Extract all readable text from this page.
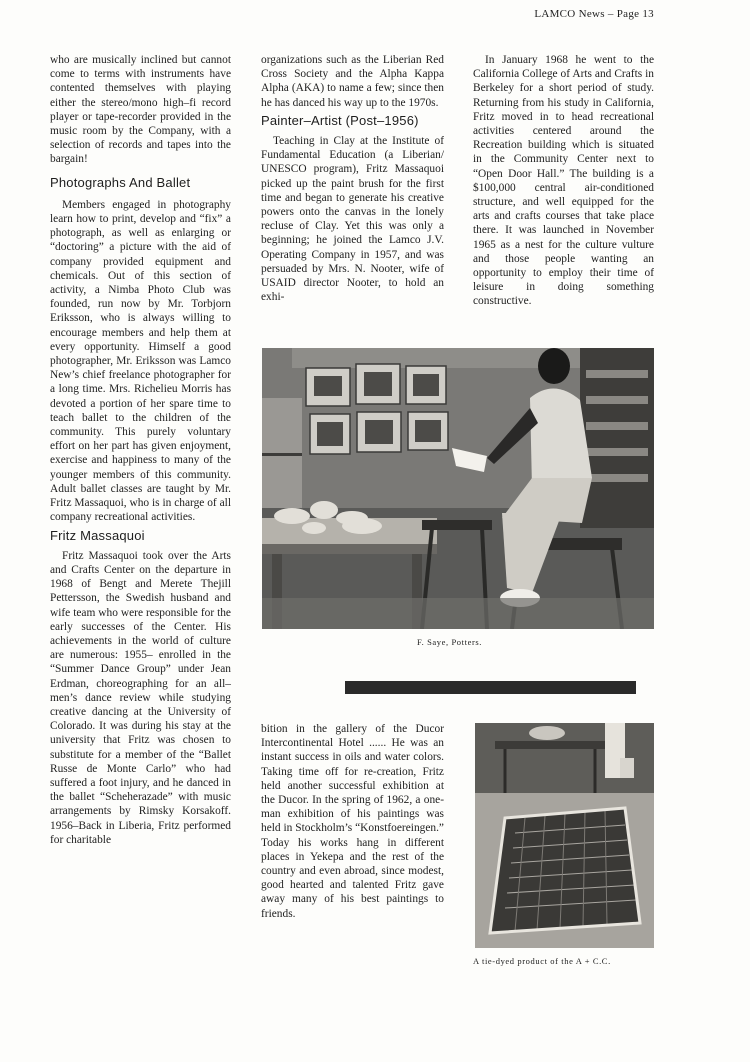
LAMCO News – Page 13

who are musically inclined but cannot come to terms with instruments have contented themselves with playing either the stereo/mono high–fi record player or tape-recorder provided in the music room by the Company, with a selection of records and tapes into the bargain!

Photographs And Ballet

Members engaged in photography learn how to print, develop and “fix” a photograph, as well as enlarging or “doctoring” a picture with the aid of company provided equipment and chemicals. Out of this section of activity, a Nimba Photo Club was founded, run now by Mr. Torbjorn Eriksson, who is always willing to encourage members and help them at every opportunity. Himself a good photographer, Mr. Eriksson was Lamco New’s chief freelance photographer for a long time. Mrs. Richelieu Morris has devoted a portion of her spare time to teach ballet to the children of the community. This purely voluntary effort on her part has given enjoyment, exercise and happiness to many of the younger members of this community. Adult ballet classes are taught by Mr. Fritz Massaquoi, who is in charge of all company recreational activities.

Fritz Massaquoi

Fritz Massaquoi took over the Arts and Crafts Center on the departure in 1968 of Bengt and Merete Thejill Pettersson, the Swedish husband and wife team who were responsible for the early successes of the Center. His achievements in the world of culture are numerous: 1955– enrolled in the “Summer Dance Group” under Jean Erdman, choreographing for an all–men’s dance review while studying creative dancing at the University of Colorado. It was during his stay at the university that Fritz was chosen to substitute for a member of the “Ballet Russe de Monte Carlo” who had suffered a foot injury, and he danced in the ballet “Scheherazade” with music arrangements by Rimsky Korsakoff. 1956–Back in Liberia, Fritz performed for charitable

organizations such as the Liberian Red Cross Society and the Alpha Kappa Alpha (AKA) to name a few; since then he has danced his way up to the 1970s.

Painter–Artist (Post–1956)

Teaching in Clay at the Institute of Fundamental Education (a Liberian/ UNESCO program), Fritz Massaquoi picked up the paint brush for the first time and began to generate his creative powers onto the canvas in the lonely recluse of Clay. Yet this was only a beginning; he joined the Lamco J.V. Operating Company in 1957, and was persuaded by Mrs. N. Nooter, wife of USAID director Nooter, to hold an exhi-

In January 1968 he went to the California College of Arts and Crafts in Berkeley for a short period of study. Returning from his study in California, Fritz moved in to head recreational activities centered around the Recreation building which is situated in the Community Center next to “Open Door Hall.” The building is a $100,000 central air-conditioned structure, and well equipped for the arts and crafts courses that take place there. It was launched in November 1965 as a nest for the culture vulture and those people wanting an opportunity to employ their time of leisure in doing something constructive.

F. Saye, Potters.

bition in the gallery of the Ducor Intercontinental Hotel ...... He was an instant success in oils and water colors. Taking time off for re-creation, Fritz held another successful exhibition at the Ducor. In the spring of 1962, a one-man exhibition of his paintings was held in Stockholm’s “Konstfoereingen.” Today his works hang in different places in Yekepa and the rest of the country and even abroad, since modest, good hearted and talented Fritz gave away many of his best paintings to friends.

A tie-dyed product of the A + C.C.
